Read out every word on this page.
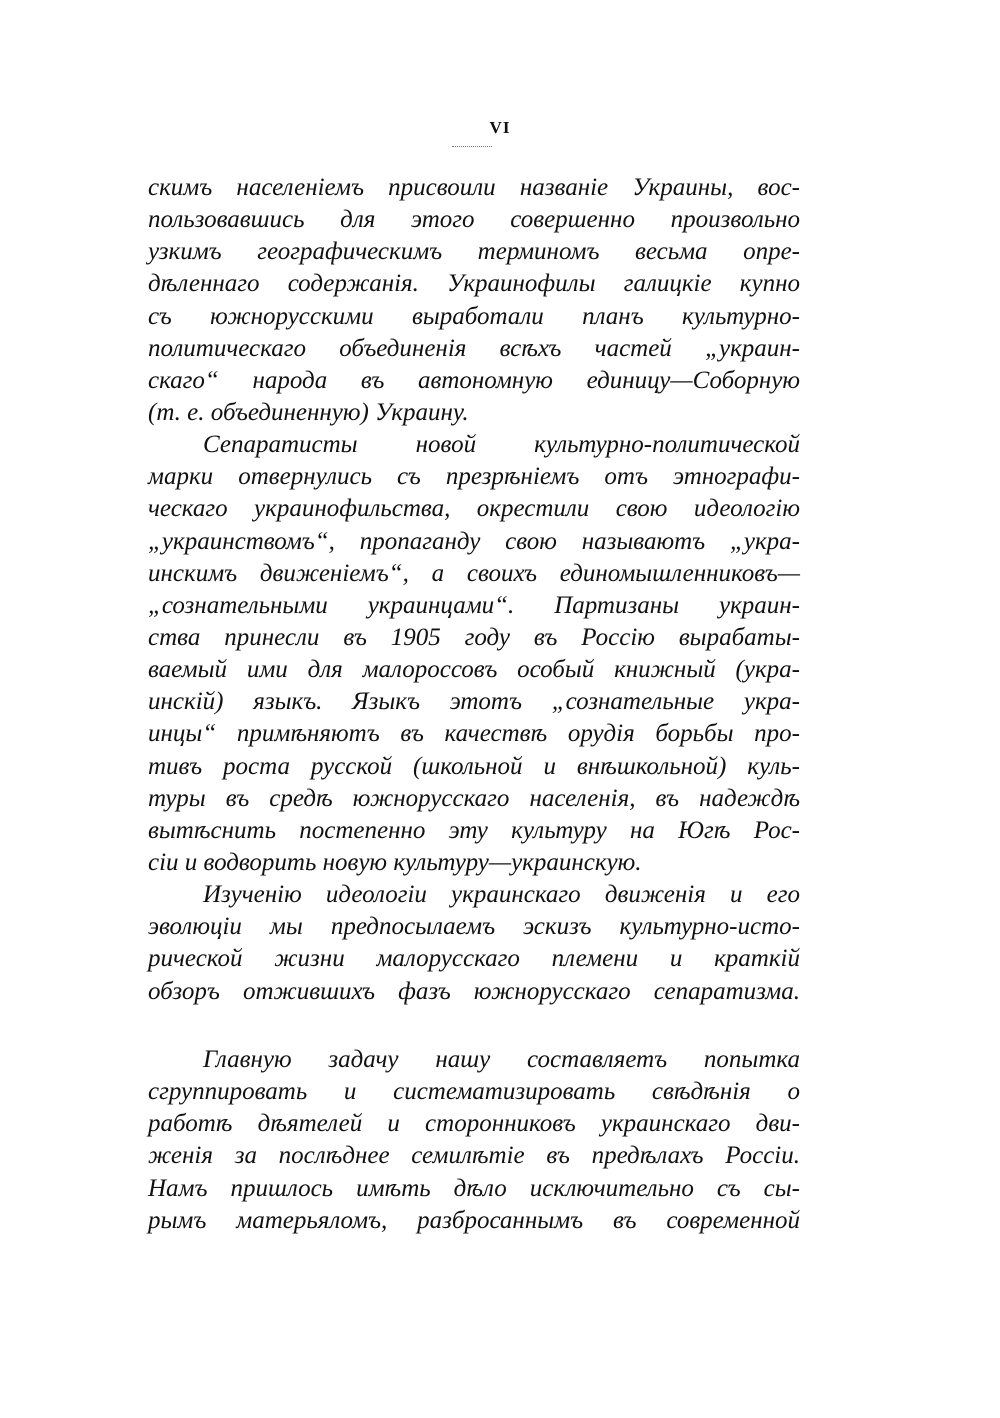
VI
скимъ населеніемъ присвоили названіе Украины, вос-
пользовавшись для этого совершенно произвольно
узкимъ географическимъ терминомъ весьма опре-
дѣленнаго содержанія. Украинофилы галицкіе купно
съ южнорусскими выработали планъ культурно-
политическаго объединенія всѣхъ частей „украин-
скаго“ народа въ автономную единицу—Соборную
(т. е. объединенную) Украину.
Сепаратисты новой культурно-политической
марки отвернулись съ презрѣніемъ отъ этнографи-
ческаго украинофильства, окрестили свою идеологію
„украинствомъ“, пропаганду свою называютъ „укра-
инскимъ движеніемъ“, а своихъ единомышленниковъ—
„сознательными украинцами“. Партизаны украин-
ства принесли въ 1905 году въ Россію вырабаты-
ваемый ими для малороссовъ особый книжный (укра-
инскій) языкъ. Языкъ этотъ „сознательные укра-
инцы“ примѣняютъ въ качествѣ орудія борьбы про-
тивъ роста русской (школьной и внѣшкольной) куль-
туры въ средѣ южнорусскаго населенія, въ надеждѣ
вытѣснить постепенно эту культуру на Югѣ Рос-
сіи и водворить новую культуру—украинскую.
Изученію идеологіи украинскаго движенія и его
эволюціи мы предпосылаемъ эскизъ культурно-исто-
рической жизни малорусскаго племени и краткій
обзоръ отжившихъ фазъ южнорусскаго сепаратизма.
Главную задачу нашу составляетъ попытка
сгруппировать и систематизировать свѣдѣнія о
работѣ дѣятелей и сторонниковъ украинскаго дви-
женія за послѣднее семилѣтіе въ предѣлахъ Россіи.
Намъ пришлось имѣть дѣло исключительно съ сы-
рымъ матерьяломъ, разбросаннымъ въ современной
